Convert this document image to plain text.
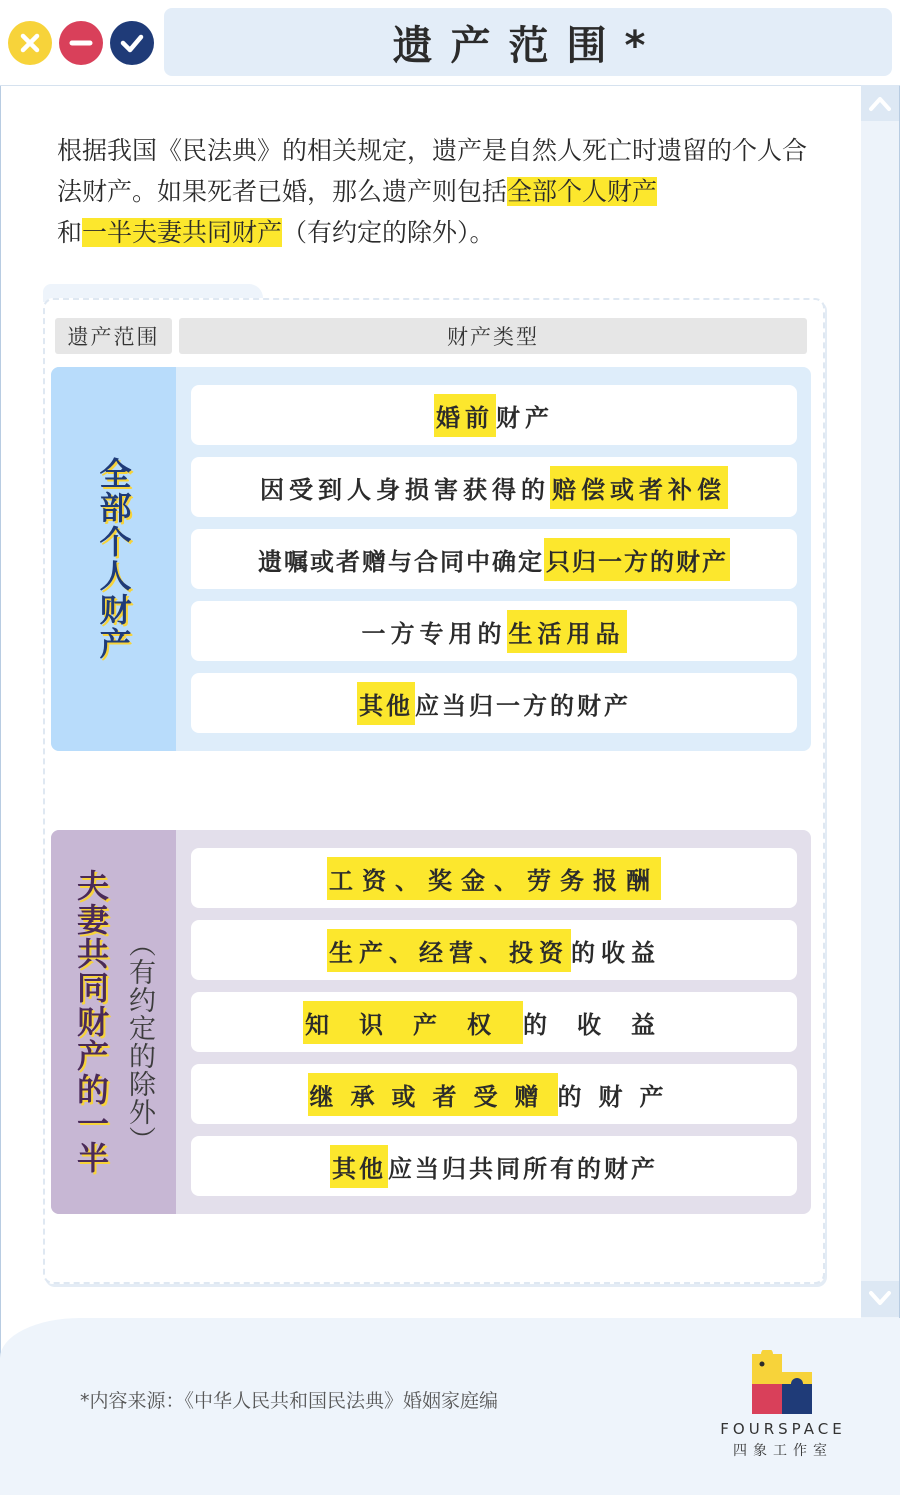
遗产范围*
根据我国《民法典》的相关规定，遗产是自然人死亡时遗留的个人合法财产。如果死者已婚，那么遗产则包括全部个人财产
和一半夫妻共同财产（有约定的除外）。
遗产范围	财产类型
全部个人财产
婚前 财产
因受到人身损害获得的 赔偿或者补偿
遗嘱或者赠与合同中确定 只归一方的财产
一方专用的 生活用品
其他 应当归一方的财产
夫妻共同财产的一半 （有约定的除外）
工资、奖金、劳务报酬
生产、经营、投资 的收益
知识产权 的收益
继承或者受赠 的财产
其他 应当归共同所有的财产
*内容来源：《中华人民共和国民法典》婚姻家庭编
FOURSPACE
四象工作室
